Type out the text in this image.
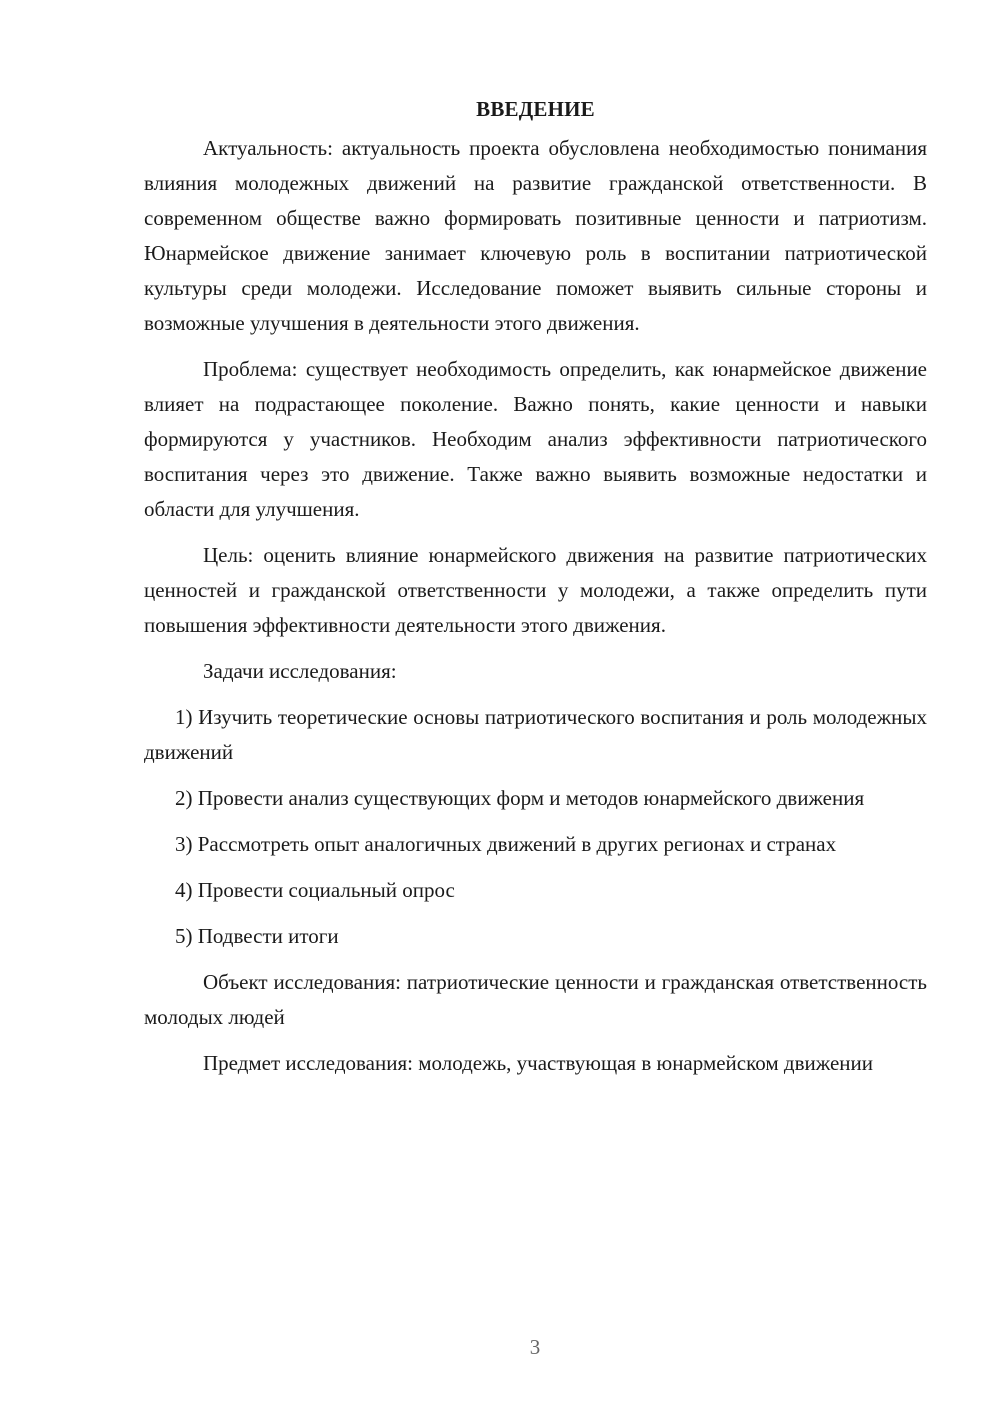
ВВЕДЕНИЕ

Актуальность: актуальность проекта обусловлена необходимостью понимания влияния молодежных движений на развитие гражданской ответственности. В современном обществе важно формировать позитивные ценности и патриотизм. Юнармейское движение занимает ключевую роль в воспитании патриотической культуры среди молодежи. Исследование поможет выявить сильные стороны и возможные улучшения в деятельности этого движения.

Проблема: существует необходимость определить, как юнармейское движение влияет на подрастающее поколение. Важно понять, какие ценности и навыки формируются у участников. Необходим анализ эффективности патриотического воспитания через это движение. Также важно выявить возможные недостатки и области для улучшения.

Цель: оценить влияние юнармейского движения на развитие патриотических ценностей и гражданской ответственности у молодежи, а также определить пути повышения эффективности деятельности этого движения.

Задачи исследования:

1) Изучить теоретические основы патриотического воспитания и роль молодежных движений

2) Провести анализ существующих форм и методов юнармейского движения

3) Рассмотреть опыт аналогичных движений в других регионах и странах

4) Провести социальный опрос

5) Подвести итоги

Объект исследования: патриотические ценности и гражданская ответственность молодых людей

Предмет исследования: молодежь, участвующая в юнармейском движении

3
